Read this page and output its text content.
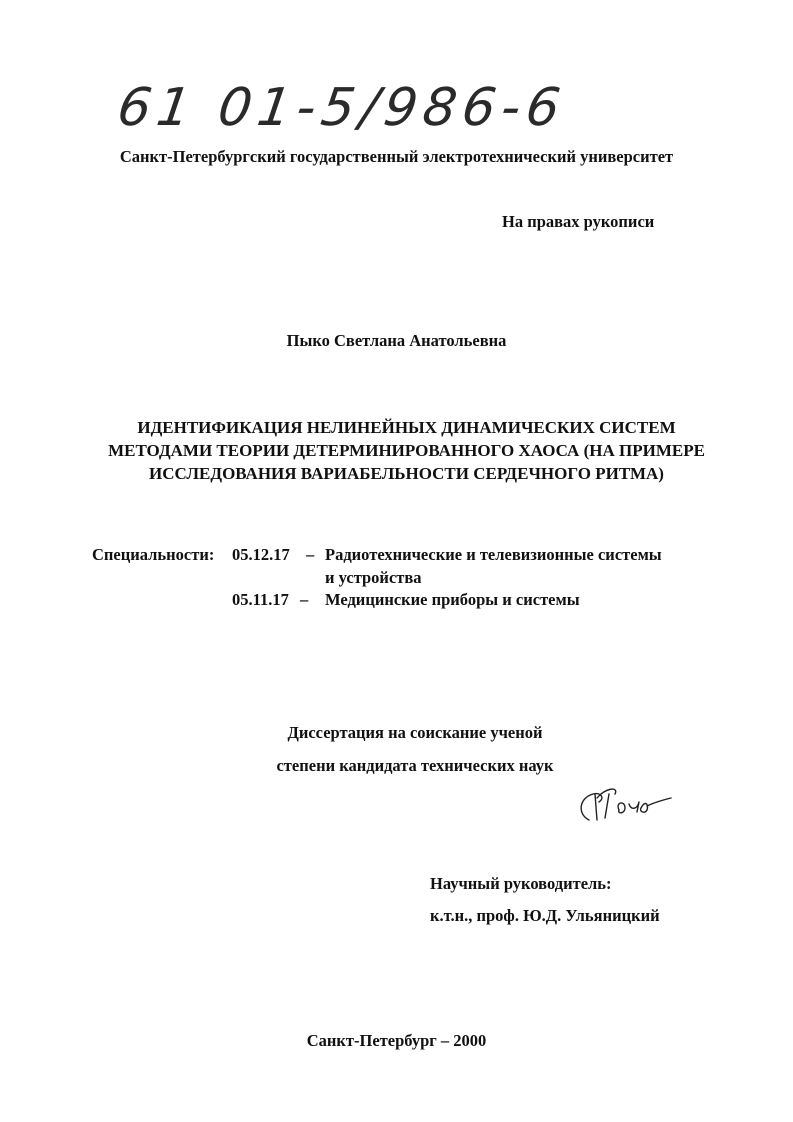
61 01-5/986-6

Санкт-Петербургский государственный электротехнический университет

На правах рукописи

Пыко Светлана Анатольевна

ИДЕНТИФИКАЦИЯ НЕЛИНЕЙНЫХ ДИНАМИЧЕСКИХ СИСТЕМ
МЕТОДАМИ ТЕОРИИ ДЕТЕРМИНИРОВАННОГО ХАОСА (НА ПРИМЕРЕ
ИССЛЕДОВАНИЯ ВАРИАБЕЛЬНОСТИ СЕРДЕЧНОГО РИТМА)
Специальности: 05.12.17 – Радиотехнические и телевизионные системы
и устройства
05.11.17 – Медицинские приборы и системы

Диссертация на соискание ученой

степени кандидата технических наук

Научный руководитель:

к.т.н., проф. Ю.Д. Ульяницкий

Санкт-Петербург – 2000
